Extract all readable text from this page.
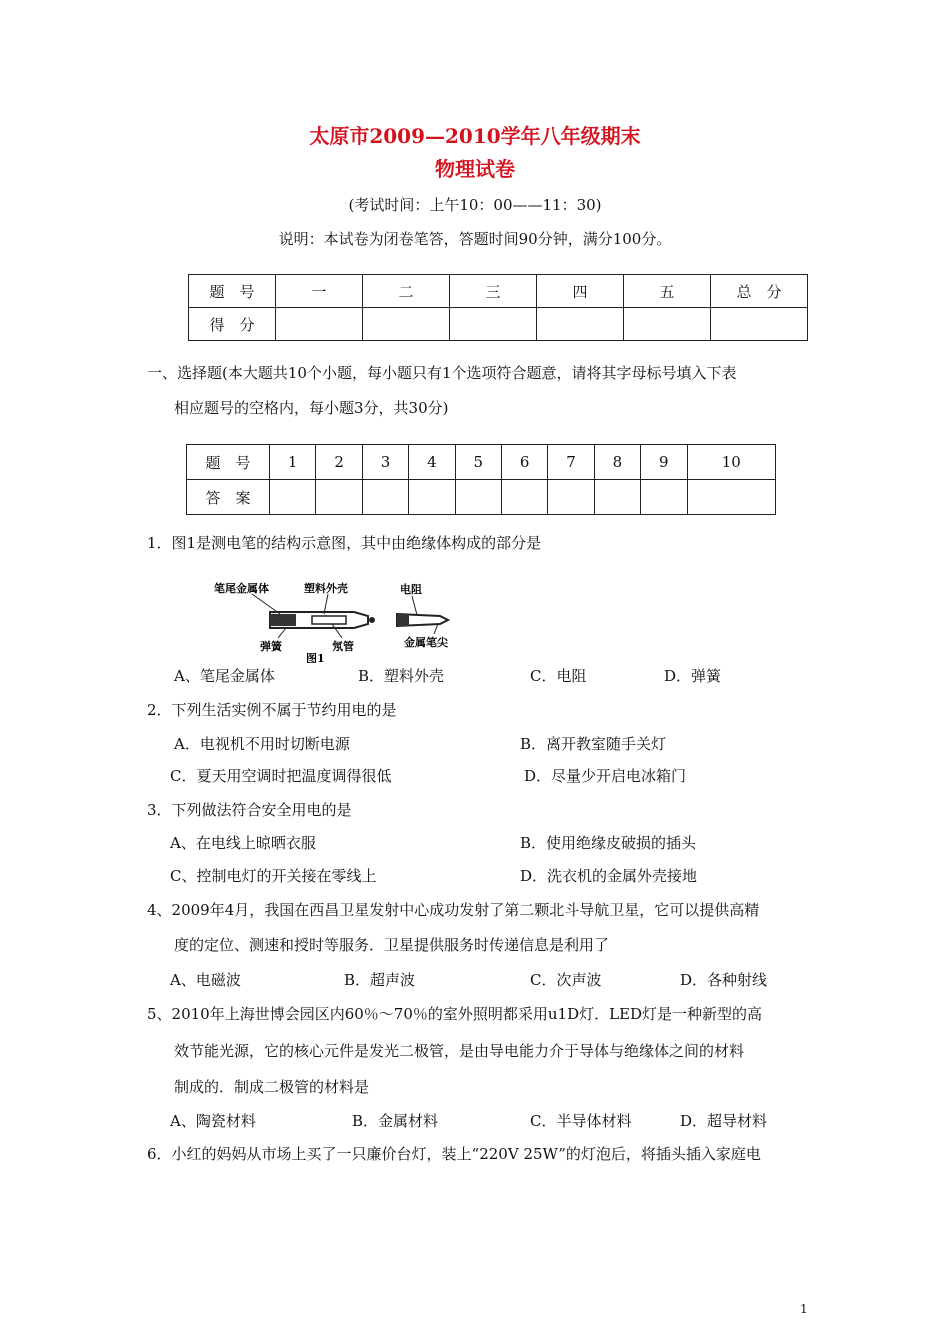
太原市2009—2010学年八年级期末
物理试卷
(考试时间：上午10：00——11：30)
说明：本试卷为闭卷笔答，答题时间90分钟，满分100分。
题　号	一	二	三	四	五	总　分
得　分						
一、选择题(本大题共10个小题，每小题只有1个选项符合题意，请将其字母标号填入下表
相应题号的空格内，每小题3分，共30分)
题　号	1	2	3	4	5	6	7	8	9	10
答　案										
1．图1是测电笔的结构示意图，其中由绝缘体构成的部分是
笔尾金属体	塑料外壳	电阻
弹簧	氖管	金属笔尖
图1
A、笔尾金属体	B．塑料外壳	C．电阻	D．弹簧
2．下列生活实例不属于节约用电的是
A．电视机不用时切断电源	B．离开教室随手关灯
C．夏天用空调时把温度调得很低	D．尽量少开启电冰箱门
3．下列做法符合安全用电的是
A、在电线上晾晒衣服	B．使用绝缘皮破损的插头
C、控制电灯的开关接在零线上	D．洗衣机的金属外壳接地
4、2009年4月，我国在西昌卫星发射中心成功发射了第二颗北斗导航卫星，它可以提供高精
度的定位、测速和授时等服务．卫星提供服务时传递信息是利用了
A、电磁波	B．超声波	C．次声波	D．各种射线
5、2010年上海世博会园区内60％～70％的室外照明都采用u1D灯．LED灯是一种新型的高
效节能光源，它的核心元件是发光二极管，是由导电能力介于导体与绝缘体之间的材料
制成的．制成二极管的材料是
A、陶瓷材料	B．金属材料	C．半导体材料	D．超导材料
6．小红的妈妈从市场上买了一只廉价台灯，装上“220V 25W”的灯泡后，将插头插入家庭电
1
